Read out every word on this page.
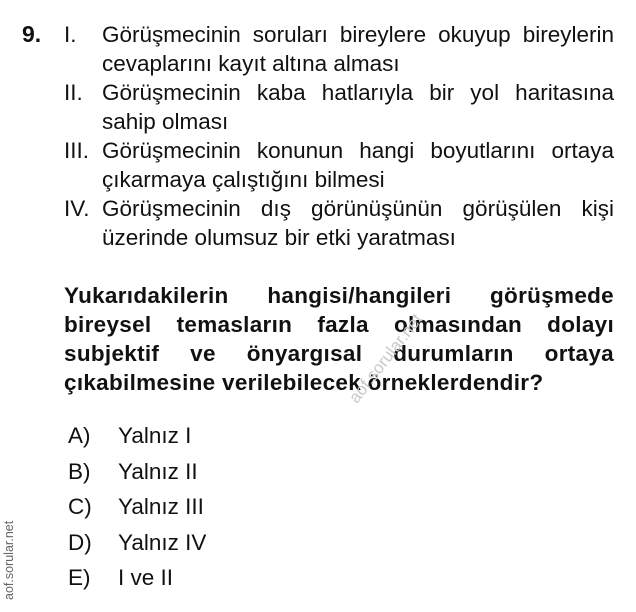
9. I. Görüşmecinin soruları bireylere okuyup bireylerin cevaplarını kayıt altına alması
II. Görüşmecinin kaba hatlarıyla bir yol haritasına sahip olması
III. Görüşmecinin konunun hangi boyutlarını ortaya çıkarmaya çalıştığını bilmesi
IV. Görüşmecinin dış görünüşünün görüşülen kişi üzerinde olumsuz bir etki yaratması
Yukarıdakilerin hangisi/hangileri görüşmede bireysel temasların fazla olmasından dolayı subjektif ve önyargısal durumların ortaya çıkabilmesine verilebilecek örneklerdendir?
A) Yalnız I
B) Yalnız II
C) Yalnız III
D) Yalnız IV
E) I ve II
aof.sorular.net
aof.sorular.net
